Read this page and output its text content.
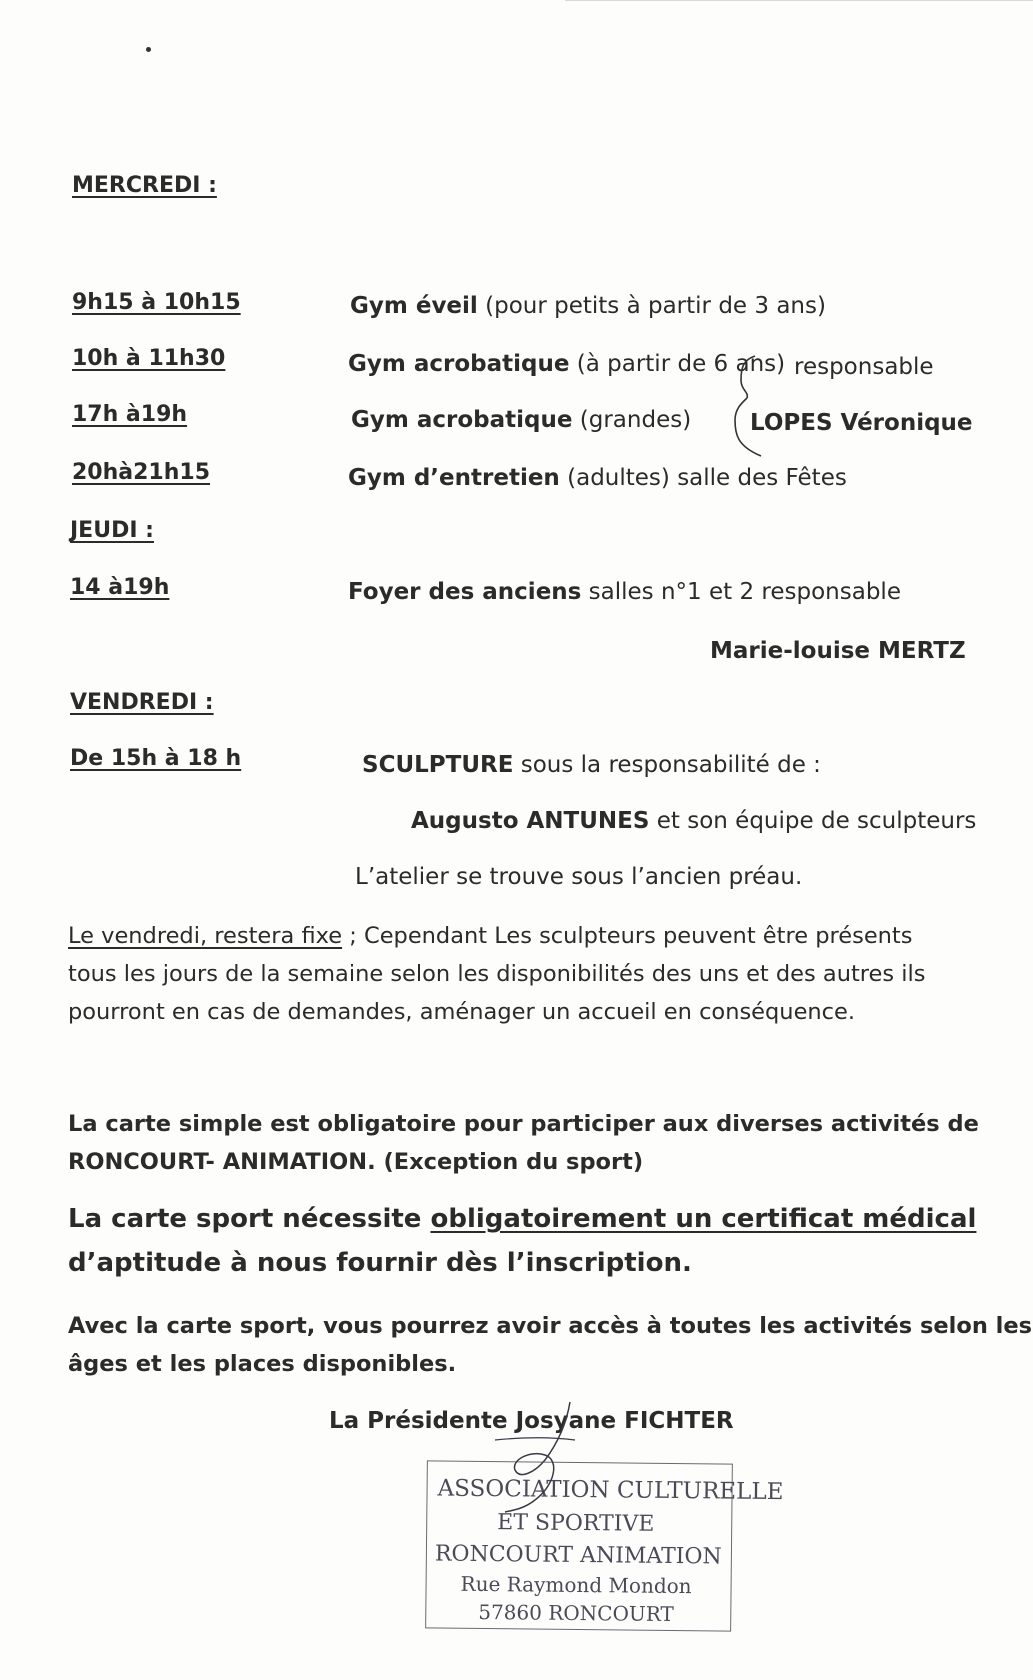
MERCREDI :
9h15 à 10h15	Gym éveil (pour petits à partir de 3 ans)
10h à 11h30	Gym acrobatique (à partir de 6 ans)
17h à19h	Gym acrobatique (grandes)
20hà21h15	Gym d’entretien (adultes) salle des Fêtes
responsable
LOPES Véronique
JEUDI :
14 à19h	Foyer des anciens salles n°1 et 2 responsable
Marie-louise MERTZ
VENDREDI :
De 15h à 18 h	SCULPTURE sous la responsabilité de :
Augusto ANTUNES et son équipe de sculpteurs
L’atelier se trouve sous l’ancien préau.
Le vendredi, restera fixe ; Cependant Les sculpteurs peuvent être présents
tous les jours de la semaine selon les disponibilités des uns et des autres ils
pourront en cas de demandes, aménager un accueil en conséquence.
La carte simple est obligatoire pour participer aux diverses activités de
RONCOURT- ANIMATION. (Exception du sport)
La carte sport nécessite obligatoirement un certificat médical
d’aptitude à nous fournir dès l’inscription.
Avec la carte sport, vous pourrez avoir accès à toutes les activités selon les
âges et les places disponibles.
La Présidente Josyane FICHTER
ASSOCIATION CULTURELLE
ET SPORTIVE
RONCOURT ANIMATION
Rue Raymond Mondon
57860 RONCOURT
